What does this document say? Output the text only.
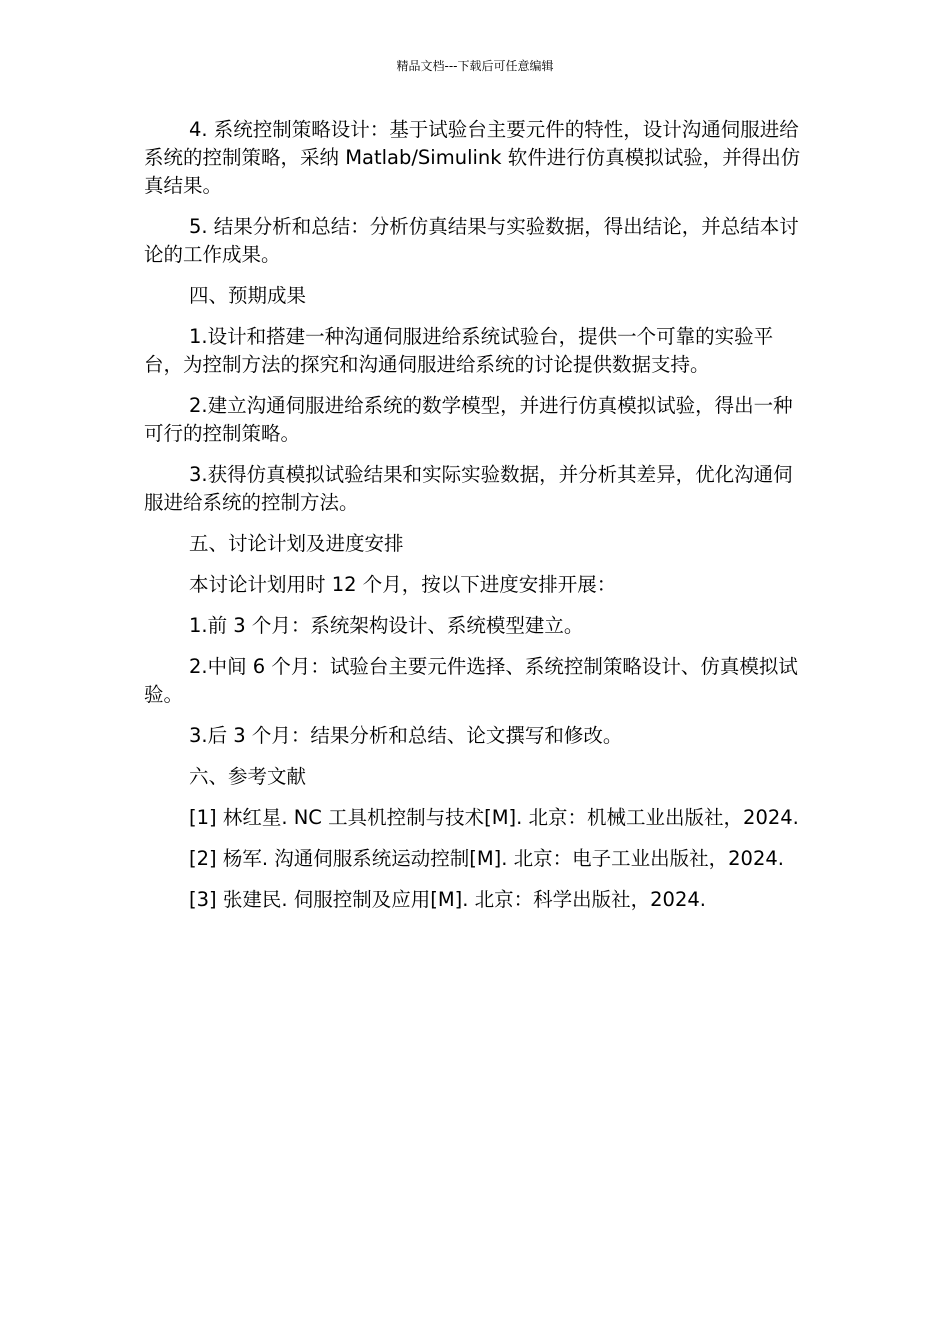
精品文档---下载后可任意编辑

4. 系统控制策略设计：基于试验台主要元件的特性，设计沟通伺服进给系统的控制策略，采纳 Matlab/Simulink 软件进行仿真模拟试验，并得出仿真结果。

5. 结果分析和总结：分析仿真结果与实验数据，得出结论，并总结本讨论的工作成果。

四、预期成果

1.设计和搭建一种沟通伺服进给系统试验台，提供一个可靠的实验平台，为控制方法的探究和沟通伺服进给系统的讨论提供数据支持。

2.建立沟通伺服进给系统的数学模型，并进行仿真模拟试验，得出一种可行的控制策略。

3.获得仿真模拟试验结果和实际实验数据，并分析其差异，优化沟通伺服进给系统的控制方法。

五、讨论计划及进度安排

本讨论计划用时 12 个月，按以下进度安排开展：

1.前 3 个月：系统架构设计、系统模型建立。

2.中间 6 个月：试验台主要元件选择、系统控制策略设计、仿真模拟试验。

3.后 3 个月：结果分析和总结、论文撰写和修改。

六、参考文献

[1] 林红星. NC 工具机控制与技术[M]. 北京：机械工业出版社，2024.

[2] 杨军. 沟通伺服系统运动控制[M]. 北京：电子工业出版社，2024.

[3] 张建民. 伺服控制及应用[M]. 北京：科学出版社，2024.
